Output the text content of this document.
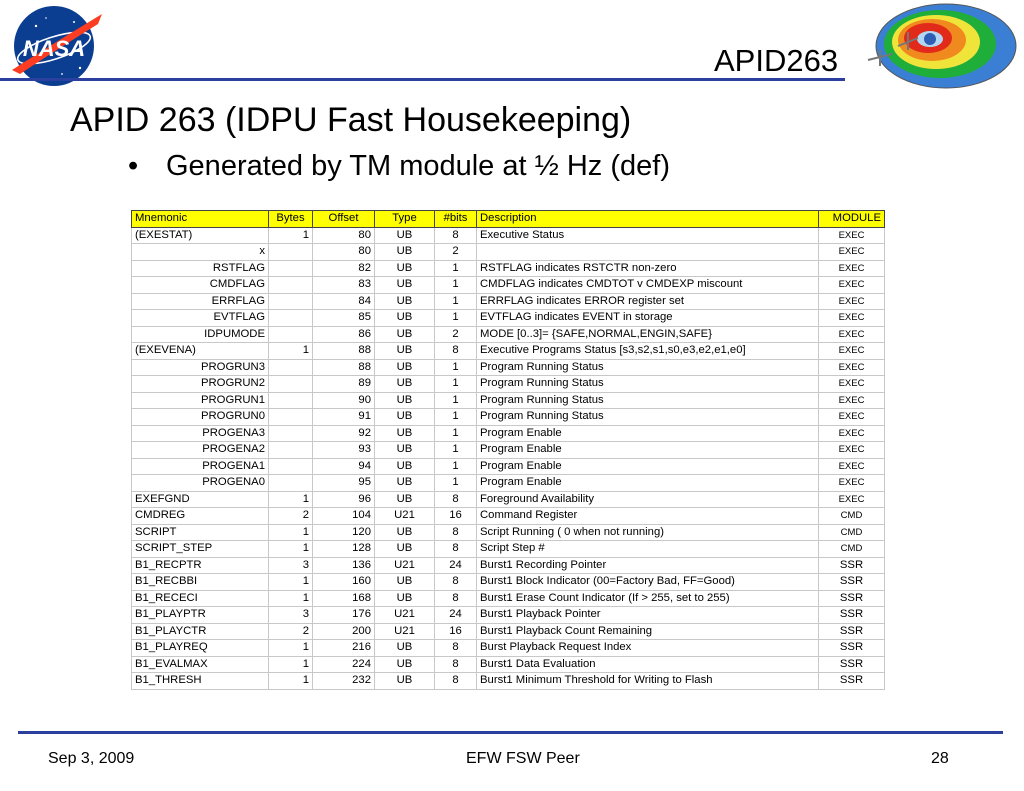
NASA	APID263
APID 263 (IDPU Fast Housekeeping)
• Generated by TM module at ½ Hz (def)
Mnemonic	Bytes	Offset	Type	#bits	Description	MODULE
(EXESTAT)	1	80	UB	8	Executive Status	EXEC
x		80	UB	2		EXEC
RSTFLAG		82	UB	1	RSTFLAG indicates RSTCTR non-zero	EXEC
CMDFLAG		83	UB	1	CMDFLAG indicates CMDTOT v CMDEXP miscount	EXEC
ERRFLAG		84	UB	1	ERRFLAG indicates ERROR register set	EXEC
EVTFLAG		85	UB	1	EVTFLAG indicates EVENT in storage	EXEC
IDPUMODE		86	UB	2	MODE [0..3]= {SAFE,NORMAL,ENGIN,SAFE}	EXEC
(EXEVENA)	1	88	UB	8	Executive Programs Status [s3,s2,s1,s0,e3,e2,e1,e0]	EXEC
PROGRUN3		88	UB	1	Program Running Status	EXEC
PROGRUN2		89	UB	1	Program Running Status	EXEC
PROGRUN1		90	UB	1	Program Running Status	EXEC
PROGRUN0		91	UB	1	Program Running Status	EXEC
PROGENA3		92	UB	1	Program Enable	EXEC
PROGENA2		93	UB	1	Program Enable	EXEC
PROGENA1		94	UB	1	Program Enable	EXEC
PROGENA0		95	UB	1	Program Enable	EXEC
EXEFGND	1	96	UB	8	Foreground Availability	EXEC
CMDREG	2	104	U21	16	Command Register	CMD
SCRIPT	1	120	UB	8	Script Running ( 0 when not running)	CMD
SCRIPT_STEP	1	128	UB	8	Script Step #	CMD
B1_RECPTR	3	136	U21	24	Burst1 Recording Pointer	SSR
B1_RECBBI	1	160	UB	8	Burst1 Block Indicator (00=Factory Bad, FF=Good)	SSR
B1_RECECI	1	168	UB	8	Burst1 Erase Count Indicator (If > 255, set to 255)	SSR
B1_PLAYPTR	3	176	U21	24	Burst1 Playback Pointer	SSR
B1_PLAYCTR	2	200	U21	16	Burst1 Playback Count Remaining	SSR
B1_PLAYREQ	1	216	UB	8	Burst Playback Request Index	SSR
B1_EVALMAX	1	224	UB	8	Burst1 Data Evaluation	SSR
B1_THRESH	1	232	UB	8	Burst1 Minimum Threshold for Writing to Flash	SSR
Sep 3, 2009	EFW FSW Peer	28
